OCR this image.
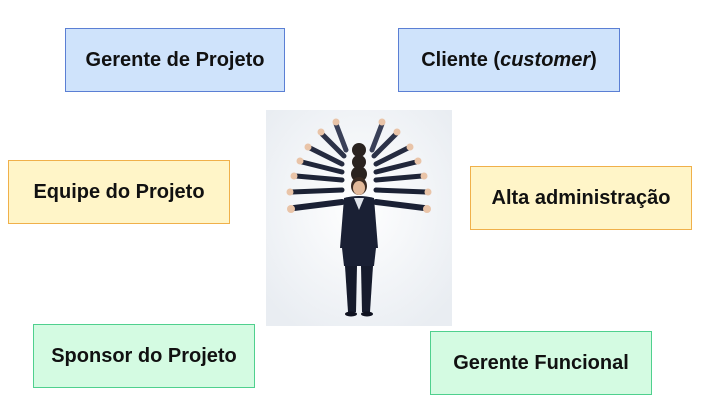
Gerente de Projeto	Cliente ( customer )
Equipe do Projeto	Alta administração
Sponsor do Projeto	Gerente Funcional
